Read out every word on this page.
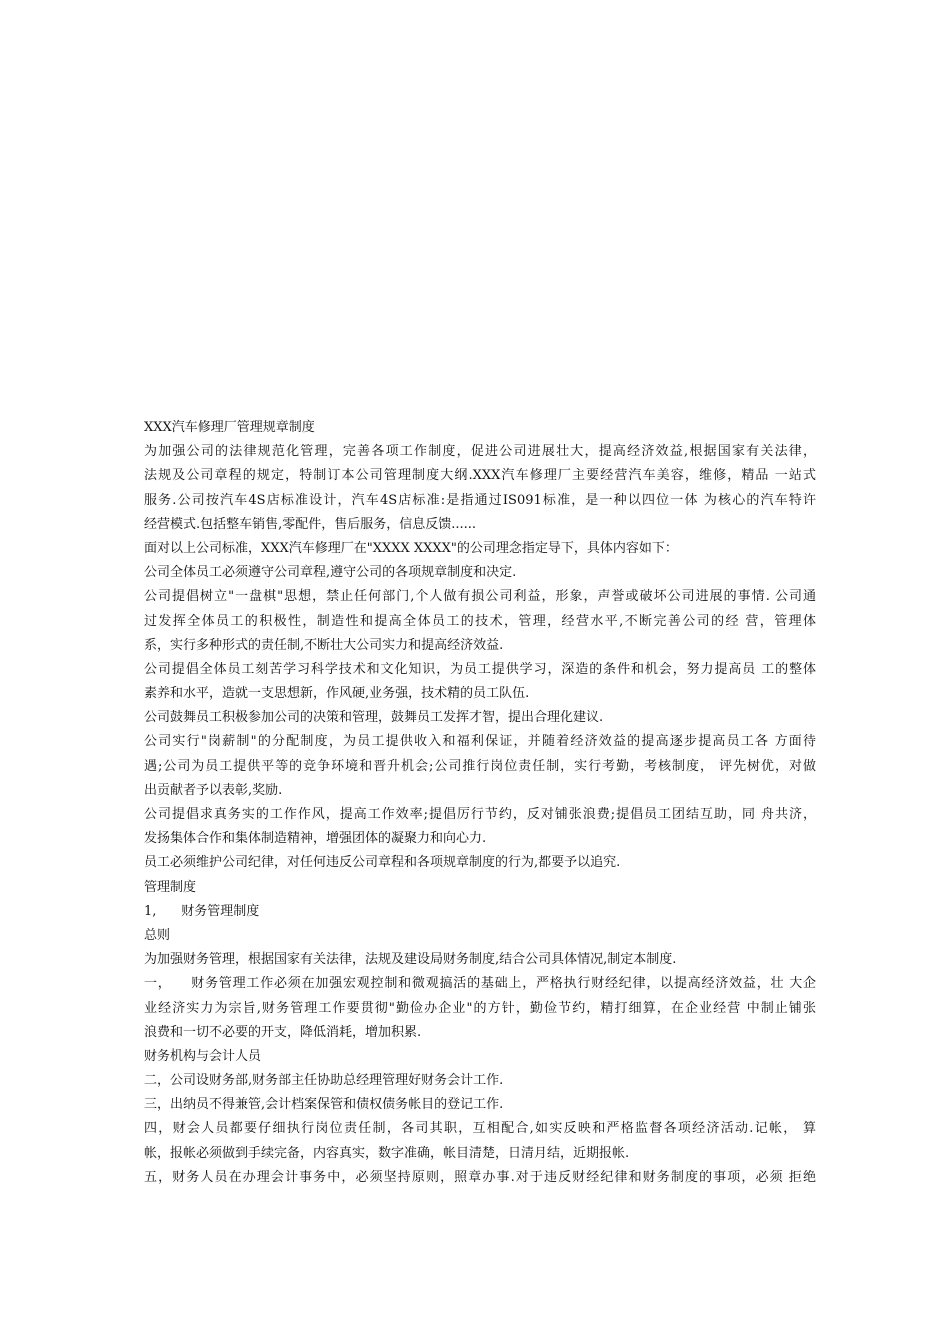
XXX汽车修理厂管理规章制度
为加强公司的法律规范化管理，完善各项工作制度，促进公司进展壮大，提高经济效益,根据国家有关法律，
法规及公司章程的规定，特制订本公司管理制度大纲.XXX汽车修理厂主要经营汽车美容，维修，精品 一站式
服务.公司按汽车4S店标准设计，汽车4S店标准:是指通过IS091标准，是一种以四位一体 为核心的汽车特许
经营模式.包括整车销售,零配件，售后服务，信息反馈......
面对以上公司标准，XXX汽车修理厂在"XXXX XXXX"的公司理念指定导下，具体内容如下：
公司全体员工必须遵守公司章程,遵守公司的各项规章制度和决定.
公司提倡树立"一盘棋"思想，禁止任何部门,个人做有损公司利益，形象，声誉或破坏公司进展的事情. 公司通
过发挥全体员工的积极性，制造性和提高全体员工的技术，管理，经营水平,不断完善公司的经 营，管理体
系，实行多种形式的责任制,不断壮大公司实力和提高经济效益.
公司提倡全体员工刻苦学习科学技术和文化知识，为员工提供学习，深造的条件和机会，努力提高员 工的整体
素养和水平，造就一支思想新，作风硬,业务强，技术精的员工队伍.
公司鼓舞员工积极参加公司的决策和管理，鼓舞员工发挥才智，提出合理化建议.
公司实行"岗薪制"的分配制度，为员工提供收入和福利保证，并随着经济效益的提高逐步提高员工各 方面待
遇;公司为员工提供平等的竞争环境和晋升机会;公司推行岗位责任制，实行考勤，考核制度， 评先树优，对做
出贡献者予以表彰,奖励.
公司提倡求真务实的工作作风，提高工作效率;提倡厉行节约，反对铺张浪费;提倡员工团结互助，同 舟共济，
发扬集体合作和集体制造精神，增强团体的凝聚力和向心力.
员工必须维护公司纪律，对任何违反公司章程和各项规章制度的行为,都要予以追究.
管理制度
1,      财务管理制度
总则
为加强财务管理，根据国家有关法律，法规及建设局财务制度,结合公司具体情况,制定本制度.
一，    财务管理工作必须在加强宏观控制和微观搞活的基础上，严格执行财经纪律，以提高经济效益，壮 大企
业经济实力为宗旨,财务管理工作要贯彻"勤俭办企业"的方针，勤俭节约，精打细算，在企业经营 中制止铺张
浪费和一切不必要的开支，降低消耗，增加积累.
财务机构与会计人员
二，公司设财务部,财务部主任协助总经理管理好财务会计工作.
三，出纳员不得兼管,会计档案保管和债权债务帐目的登记工作.
四，财会人员都要仔细执行岗位责任制，各司其职，互相配合,如实反映和严格监督各项经济活动.记帐， 算
帐，报帐必须做到手续完备，内容真实，数字准确，帐目清楚，日清月结，近期报帐.
五，财务人员在办理会计事务中，必须坚持原则，照章办事.对于违反财经纪律和财务制度的事项，必须 拒绝
